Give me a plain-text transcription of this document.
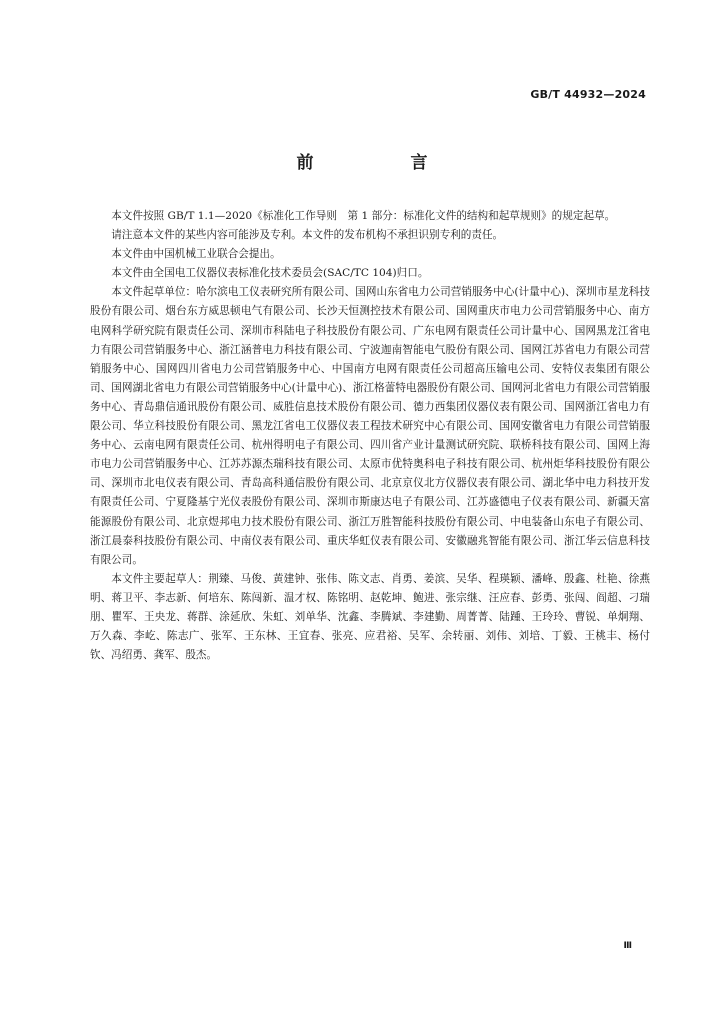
GB/T 44932—2024
前　言

本文件按照 GB/T 1.1—2020《标准化工作导则　第 1 部分：标准化文件的结构和起草规则》的规定起草。

请注意本文件的某些内容可能涉及专利。本文件的发布机构不承担识别专利的责任。

本文件由中国机械工业联合会提出。

本文件由全国电工仪器仪表标准化技术委员会(SAC/TC 104)归口。

本文件起草单位：哈尔滨电工仪表研究所有限公司、国网山东省电力公司营销服务中心(计量中心)、深圳市星龙科技股份有限公司、烟台东方威思顿电气有限公司、长沙天恒测控技术有限公司、国网重庆市电力公司营销服务中心、南方电网科学研究院有限责任公司、深圳市科陆电子科技股份有限公司、广东电网有限责任公司计量中心、国网黑龙江省电力有限公司营销服务中心、浙江涵普电力科技有限公司、宁波迦南智能电气股份有限公司、国网江苏省电力有限公司营销服务中心、国网四川省电力公司营销服务中心、中国南方电网有限责任公司超高压输电公司、安特仪表集团有限公司、国网湖北省电力有限公司营销服务中心(计量中心)、浙江格蕾特电器股份有限公司、国网河北省电力有限公司营销服务中心、青岛鼎信通讯股份有限公司、威胜信息技术股份有限公司、德力西集团仪器仪表有限公司、国网浙江省电力有限公司、华立科技股份有限公司、黑龙江省电工仪器仪表工程技术研究中心有限公司、国网安徽省电力有限公司营销服务中心、云南电网有限责任公司、杭州得明电子有限公司、四川省产业计量测试研究院、联桥科技有限公司、国网上海市电力公司营销服务中心、江苏苏源杰瑞科技有限公司、太原市优特奥科电子科技有限公司、杭州炬华科技股份有限公司、深圳市北电仪表有限公司、青岛高科通信股份有限公司、北京京仪北方仪器仪表有限公司、湖北华中电力科技开发有限责任公司、宁夏隆基宁光仪表股份有限公司、深圳市斯康达电子有限公司、江苏盛德电子仪表有限公司、新疆天富能源股份有限公司、北京煜邦电力技术股份有限公司、浙江万胜智能科技股份有限公司、中电装备山东电子有限公司、浙江晨泰科技股份有限公司、中南仪表有限公司、重庆华虹仪表有限公司、安徽融兆智能有限公司、浙江华云信息科技有限公司。

本文件主要起草人：荆臻、马俊、黄建钟、张伟、陈文志、肖勇、姜滨、吴华、程瑛颖、潘峰、殷鑫、杜艳、徐燕明、蒋卫平、李志新、何培东、陈闯新、温才权、陈铭明、赵乾坤、鲍进、张宗继、汪应春、彭勇、张闯、阎超、刁瑞朋、瞿军、王央龙、蒋群、涂延欣、朱虹、刘单华、沈鑫、李腾斌、李建勤、周菁菁、陆踵、王玲玲、曹锐、单炯翔、万久森、李屹、陈志广、张军、王东林、王宜春、张亮、应君裕、吴军、余转丽、刘伟、刘培、丁毅、王桃丰、杨付钦、冯绍勇、龚军、殷杰。

Ⅲ
